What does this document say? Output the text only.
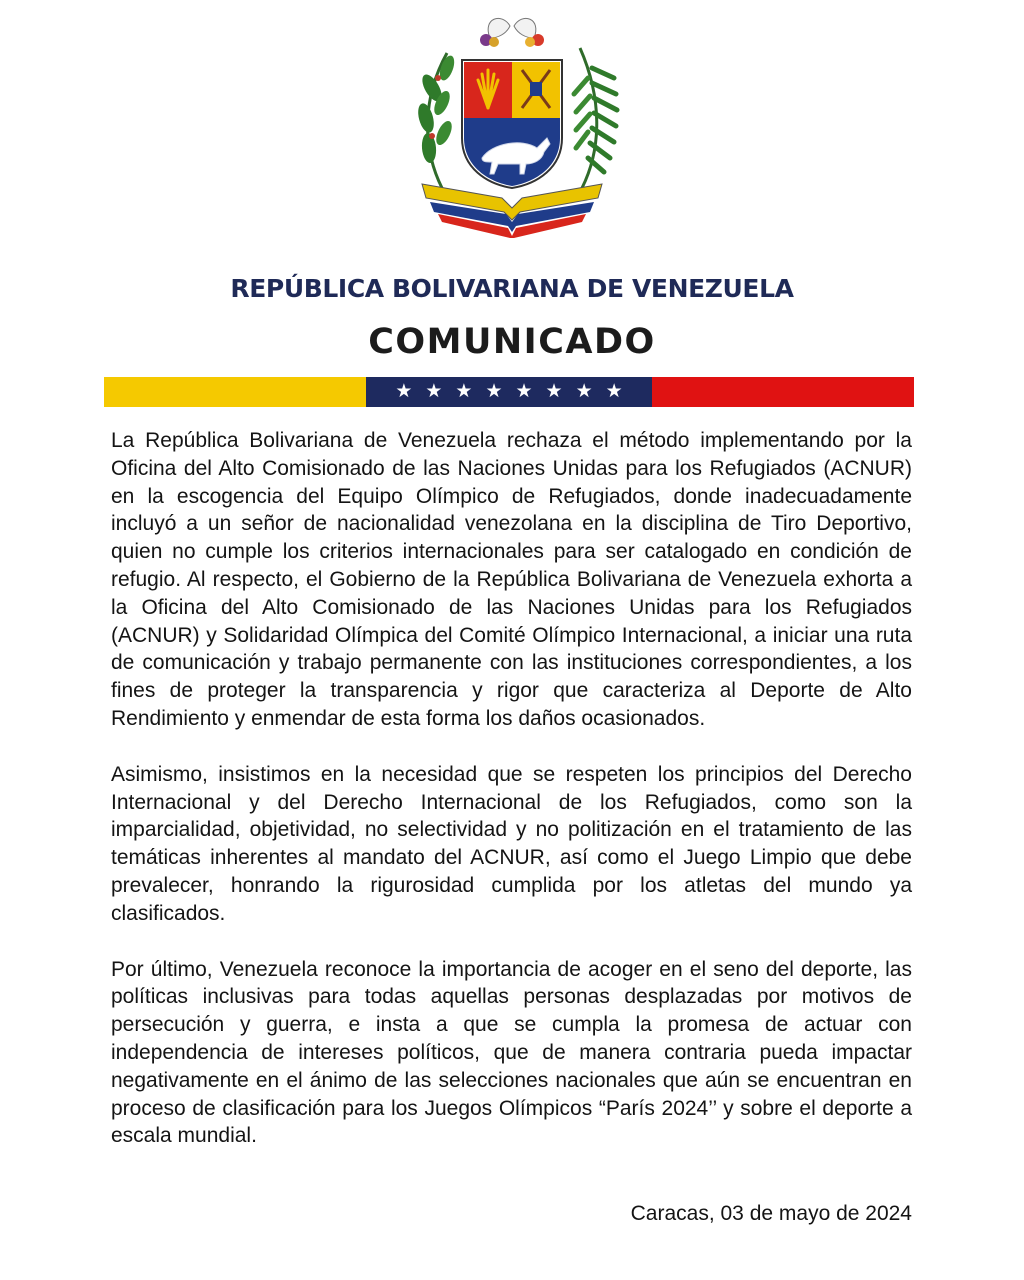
REPÚBLICA BOLIVARIANA DE VENEZUELA
COMUNICADO
★ ★ ★ ★ ★ ★ ★ ★

La República Bolivariana de Venezuela rechaza el método implementando por la Oficina del Alto Comisionado de las Naciones Unidas para los Refugiados (ACNUR) en la escogencia del Equipo Olímpico de Refugiados, donde inadecuadamente incluyó a un señor de nacionalidad venezolana en la disciplina de Tiro Deportivo, quien no cumple los criterios internacionales para ser catalogado en condición de refugio. Al respecto, el Gobierno de la República Bolivariana de Venezuela exhorta a la Oficina del Alto Comisionado de las Naciones Unidas para los Refugiados (ACNUR) y Solidaridad Olímpica del Comité Olímpico Internacional, a iniciar una ruta de comunicación y trabajo permanente con las instituciones correspondientes, a los fines de proteger la transparencia y rigor que caracteriza al Deporte de Alto Rendimiento y enmendar de esta forma los daños ocasionados.

Asimismo, insistimos en la necesidad que se respeten los principios del Derecho Internacional y del Derecho Internacional de los Refugiados, como son la imparcialidad, objetividad, no selectividad y no politización en el tratamiento de las temáticas inherentes al mandato del ACNUR, así como el Juego Limpio que debe prevalecer, honrando la rigurosidad cumplida por los atletas del mundo ya clasificados.

Por último, Venezuela reconoce la importancia de acoger en el seno del deporte, las políticas inclusivas para todas aquellas personas desplazadas por motivos de persecución y guerra, e insta a que se cumpla la promesa de actuar con independencia de intereses políticos, que de manera contraria pueda impactar negativamente en el ánimo de las selecciones nacionales que aún se encuentran en proceso de clasificación para los Juegos Olímpicos “París 2024’’ y sobre el deporte a escala mundial.

Caracas, 03 de mayo de 2024
